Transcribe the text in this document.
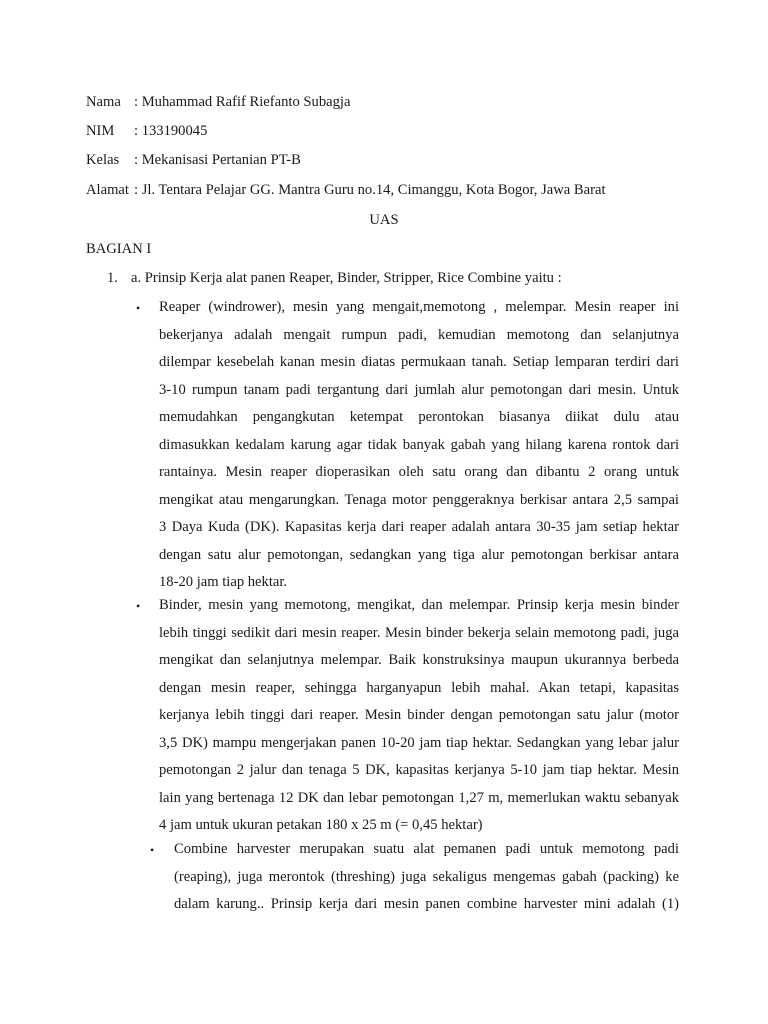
Nama : Muhammad Rafif Riefanto Subagja
NIM : 133190045
Kelas : Mekanisasi Pertanian PT-B
Alamat : Jl. Tentara Pelajar GG. Mantra Guru no.14, Cimanggu, Kota Bogor, Jawa Barat
UAS
BAGIAN I
1. a. Prinsip Kerja alat panen Reaper, Binder, Stripper, Rice Combine yaitu :
• Reaper (windrower), mesin yang mengait,memotong , melempar. Mesin reaper ini
bekerjanya adalah mengait rumpun padi, kemudian memotong dan selanjutnya
dilempar kesebelah kanan mesin diatas permukaan tanah. Setiap lemparan terdiri dari
3-10 rumpun tanam padi tergantung dari jumlah alur pemotongan dari mesin. Untuk
memudahkan pengangkutan ketempat perontokan biasanya diikat dulu atau
dimasukkan kedalam karung agar tidak banyak gabah yang hilang karena rontok dari
rantainya. Mesin reaper dioperasikan oleh satu orang dan dibantu 2 orang untuk
mengikat atau mengarungkan. Tenaga motor penggeraknya berkisar antara 2,5 sampai
3 Daya Kuda (DK). Kapasitas kerja dari reaper adalah antara 30-35 jam setiap hektar
dengan satu alur pemotongan, sedangkan yang tiga alur pemotongan berkisar antara
18-20 jam tiap hektar.
• Binder, mesin yang memotong, mengikat, dan melempar. Prinsip kerja mesin binder
lebih tinggi sedikit dari mesin reaper. Mesin binder bekerja selain memotong padi, juga
mengikat dan selanjutnya melempar. Baik konstruksinya maupun ukurannya berbeda
dengan mesin reaper, sehingga harganyapun lebih mahal. Akan tetapi, kapasitas
kerjanya lebih tinggi dari reaper. Mesin binder dengan pemotongan satu jalur (motor
3,5 DK) mampu mengerjakan panen 10-20 jam tiap hektar. Sedangkan yang lebar jalur
pemotongan 2 jalur dan tenaga 5 DK, kapasitas kerjanya 5-10 jam tiap hektar. Mesin
lain yang bertenaga 12 DK dan lebar pemotongan 1,27 m, memerlukan waktu sebanyak
4 jam untuk ukuran petakan 180 x 25 m (= 0,45 hektar)
• Combine harvester merupakan suatu alat pemanen padi untuk memotong padi
(reaping), juga merontok (threshing) juga sekaligus mengemas gabah (packing) ke
dalam karung.. Prinsip kerja dari mesin panen combine harvester mini adalah (1)
